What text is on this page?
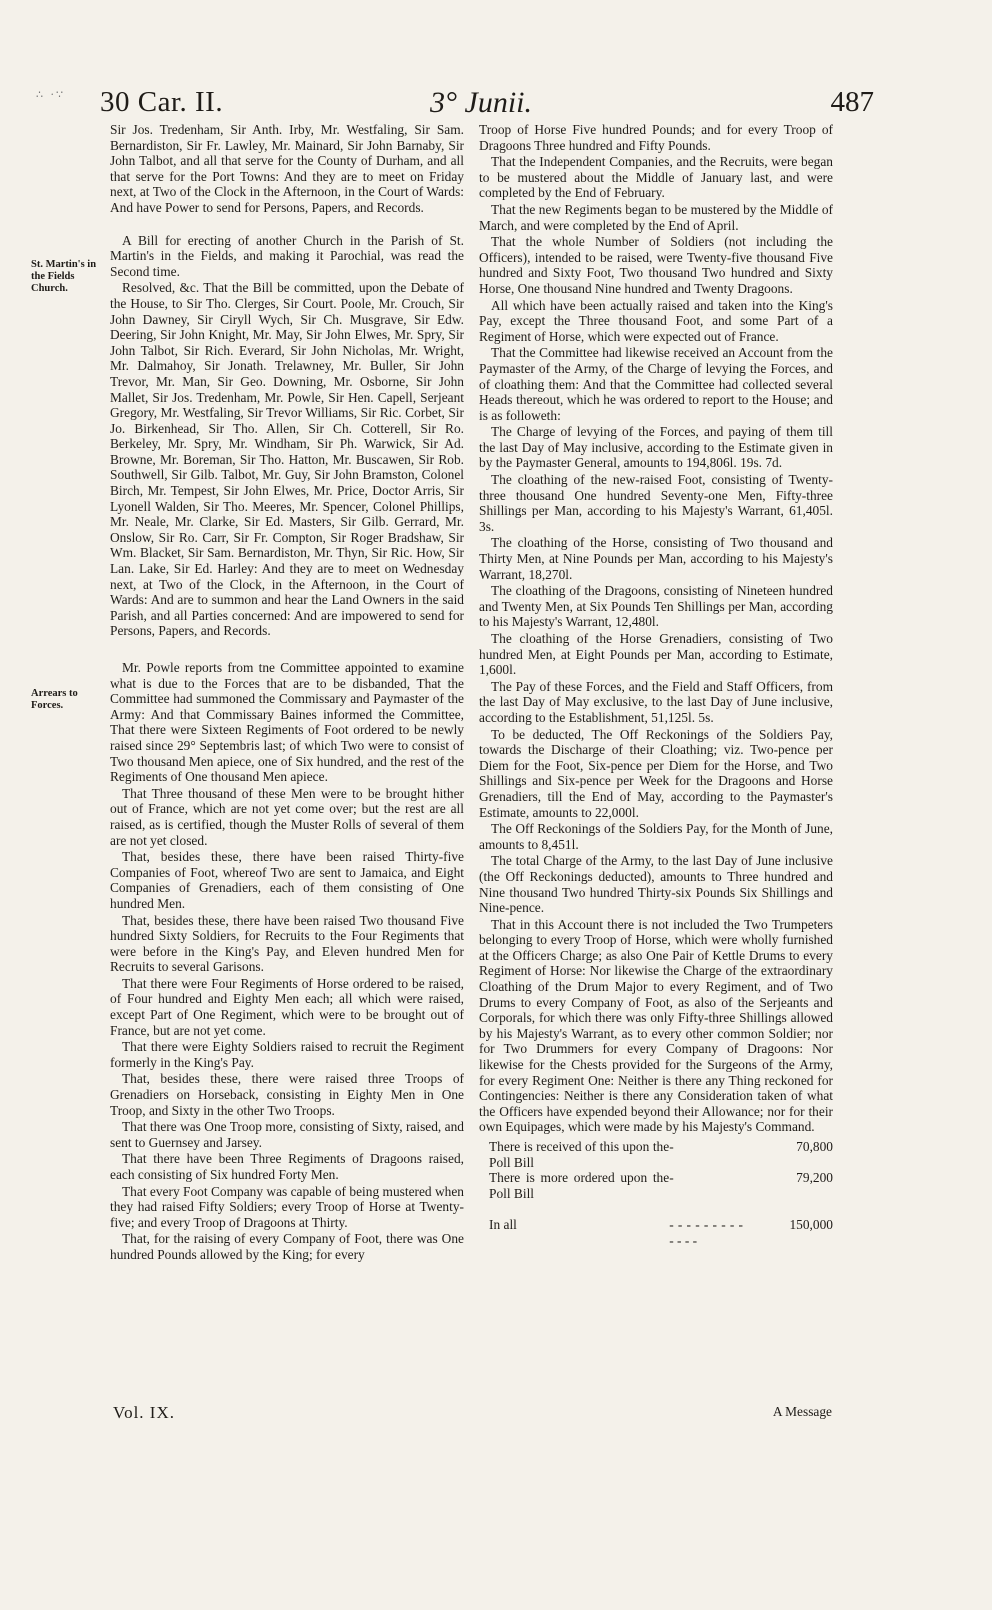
∴ ·∵ 30 Car. II.	3° Junii.	487
St. Martin's in the Fields Church.
Arrears to Forces.

Sir Jos. Tredenham, Sir Anth. Irby, Mr. Westfaling, Sir Sam. Bernardiston, Sir Fr. Lawley, Mr. Mainard, Sir John Barnaby, Sir John Talbot, and all that serve for the County of Durham, and all that serve for the Port Towns: And they are to meet on Friday next, at Two of the Clock in the Afternoon, in the Court of Wards: And have Power to send for Persons, Papers, and Records.

A Bill for erecting of another Church in the Parish of St. Martin's in the Fields, and making it Parochial, was read the Second time.

Resolved, &c. That the Bill be committed, upon the Debate of the House, to Sir Tho. Clerges, Sir Court. Poole, Mr. Crouch, Sir John Dawney, Sir Ciryll Wych, Sir Ch. Musgrave, Sir Edw. Deering, Sir John Knight, Mr. May, Sir John Elwes, Mr. Spry, Sir John Talbot, Sir Rich. Everard, Sir John Nicholas, Mr. Wright, Mr. Dalmahoy, Sir Jonath. Trelawney, Mr. Buller, Sir John Trevor, Mr. Man, Sir Geo. Downing, Mr. Osborne, Sir John Mallet, Sir Jos. Tredenham, Mr. Powle, Sir Hen. Capell, Serjeant Gregory, Mr. Westfaling, Sir Trevor Williams, Sir Ric. Corbet, Sir Jo. Birkenhead, Sir Tho. Allen, Sir Ch. Cotterell, Sir Ro. Berkeley, Mr. Spry, Mr. Windham, Sir Ph. Warwick, Sir Ad. Browne, Mr. Boreman, Sir Tho. Hatton, Mr. Buscawen, Sir Rob. Southwell, Sir Gilb. Talbot, Mr. Guy, Sir John Bramston, Colonel Birch, Mr. Tempest, Sir John Elwes, Mr. Price, Doctor Arris, Sir Lyonell Walden, Sir Tho. Meeres, Mr. Spencer, Colonel Phillips, Mr. Neale, Mr. Clarke, Sir Ed. Masters, Sir Gilb. Gerrard, Mr. Onslow, Sir Ro. Carr, Sir Fr. Compton, Sir Roger Bradshaw, Sir Wm. Blacket, Sir Sam. Bernardiston, Mr. Thyn, Sir Ric. How, Sir Lan. Lake, Sir Ed. Harley: And they are to meet on Wednesday next, at Two of the Clock, in the Afternoon, in the Court of Wards: And are to summon and hear the Land Owners in the said Parish, and all Parties concerned: And are impowered to send for Persons, Papers, and Records.

Mr. Powle reports from tne Committee appointed to examine what is due to the Forces that are to be disbanded, That the Committee had summoned the Commissary and Paymaster of the Army: And that Commissary Baines informed the Committee, That there were Sixteen Regiments of Foot ordered to be newly raised since 29° Septembris last; of which Two were to consist of Two thousand Men apiece, one of Six hundred, and the rest of the Regiments of One thousand Men apiece.

That Three thousand of these Men were to be brought hither out of France, which are not yet come over; but the rest are all raised, as is certified, though the Muster Rolls of several of them are not yet closed.

That, besides these, there have been raised Thirty-five Companies of Foot, whereof Two are sent to Jamaica, and Eight Companies of Grenadiers, each of them consisting of One hundred Men.

That, besides these, there have been raised Two thousand Five hundred Sixty Soldiers, for Recruits to the Four Regiments that were before in the King's Pay, and Eleven hundred Men for Recruits to several Garisons.

That there were Four Regiments of Horse ordered to be raised, of Four hundred and Eighty Men each; all which were raised, except Part of One Regiment, which were to be brought out of France, but are not yet come.

That there were Eighty Soldiers raised to recruit the Regiment formerly in the King's Pay.

That, besides these, there were raised three Troops of Grenadiers on Horseback, consisting in Eighty Men in One Troop, and Sixty in the other Two Troops.

That there was One Troop more, consisting of Sixty, raised, and sent to Guernsey and Jarsey.

That there have been Three Regiments of Dragoons raised, each consisting of Six hundred Forty Men.

That every Foot Company was capable of being mustered when they had raised Fifty Soldiers; every Troop of Horse at Twenty-five; and every Troop of Dragoons at Thirty.

That, for the raising of every Company of Foot, there was One hundred Pounds allowed by the King; for every

Troop of Horse Five hundred Pounds; and for every Troop of Dragoons Three hundred and Fifty Pounds.

That the Independent Companies, and the Recruits, were began to be mustered about the Middle of January last, and were completed by the End of February.

That the new Regiments began to be mustered by the Middle of March, and were completed by the End of April.

That the whole Number of Soldiers (not including the Officers), intended to be raised, were Twenty-five thousand Five hundred and Sixty Foot, Two thousand Two hundred and Sixty Horse, One thousand Nine hundred and Twenty Dragoons.

All which have been actually raised and taken into the King's Pay, except the Three thousand Foot, and some Part of a Regiment of Horse, which were expected out of France.

That the Committee had likewise received an Account from the Paymaster of the Army, of the Charge of levying the Forces, and of cloathing them: And that the Committee had collected several Heads thereout, which he was ordered to report to the House; and is as followeth:

The Charge of levying of the Forces, and paying of them till the last Day of May inclusive, according to the Estimate given in by the Paymaster General, amounts to 194,806l. 19s. 7d.

The cloathing of the new-raised Foot, consisting of Twenty-three thousand One hundred Seventy-one Men, Fifty-three Shillings per Man, according to his Majesty's Warrant, 61,405l. 3s.

The cloathing of the Horse, consisting of Two thousand and Thirty Men, at Nine Pounds per Man, according to his Majesty's Warrant, 18,270l.

The cloathing of the Dragoons, consisting of Nineteen hundred and Twenty Men, at Six Pounds Ten Shillings per Man, according to his Majesty's Warrant, 12,480l.

The cloathing of the Horse Grenadiers, consisting of Two hundred Men, at Eight Pounds per Man, according to Estimate, 1,600l.

The Pay of these Forces, and the Field and Staff Officers, from the last Day of May exclusive, to the last Day of June inclusive, according to the Establishment, 51,125l. 5s.

To be deducted, The Off Reckonings of the Soldiers Pay, towards the Discharge of their Cloathing; viz. Two-pence per Diem for the Foot, Six-pence per Diem for the Horse, and Two Shillings and Six-pence per Week for the Dragoons and Horse Grenadiers, till the End of May, according to the Paymaster's Estimate, amounts to 22,000l.

The Off Reckonings of the Soldiers Pay, for the Month of June, amounts to 8,451l.

The total Charge of the Army, to the last Day of June inclusive (the Off Reckonings deducted), amounts to Three hundred and Nine thousand Two hundred Thirty-six Pounds Six Shillings and Nine-pence.

That in this Account there is not included the Two Trumpeters belonging to every Troop of Horse, which were wholly furnished at the Officers Charge; as also One Pair of Kettle Drums to every Regiment of Horse: Nor likewise the Charge of the extraordinary Cloathing of the Drum Major to every Regiment, and of Two Drums to every Company of Foot, as also of the Serjeants and Corporals, for which there was only Fifty-three Shillings allowed by his Majesty's Warrant, as to every other common Soldier; nor for Two Drummers for every Company of Dragoons: Nor likewise for the Chests provided for the Surgeons of the Army, for every Regiment One: Neither is there any Thing reckoned for Contingencies: Neither is there any Consideration taken of what the Officers have expended beyond their Allowance; nor for their own Equipages, which were made by his Majesty's Command.

There is received of this upon the Poll Bill	-	70,800
There is more ordered upon the Poll Bill	-	79,200
In all	- - - - - - - - - - - - -	150,000
Vol. IX.	A Message
